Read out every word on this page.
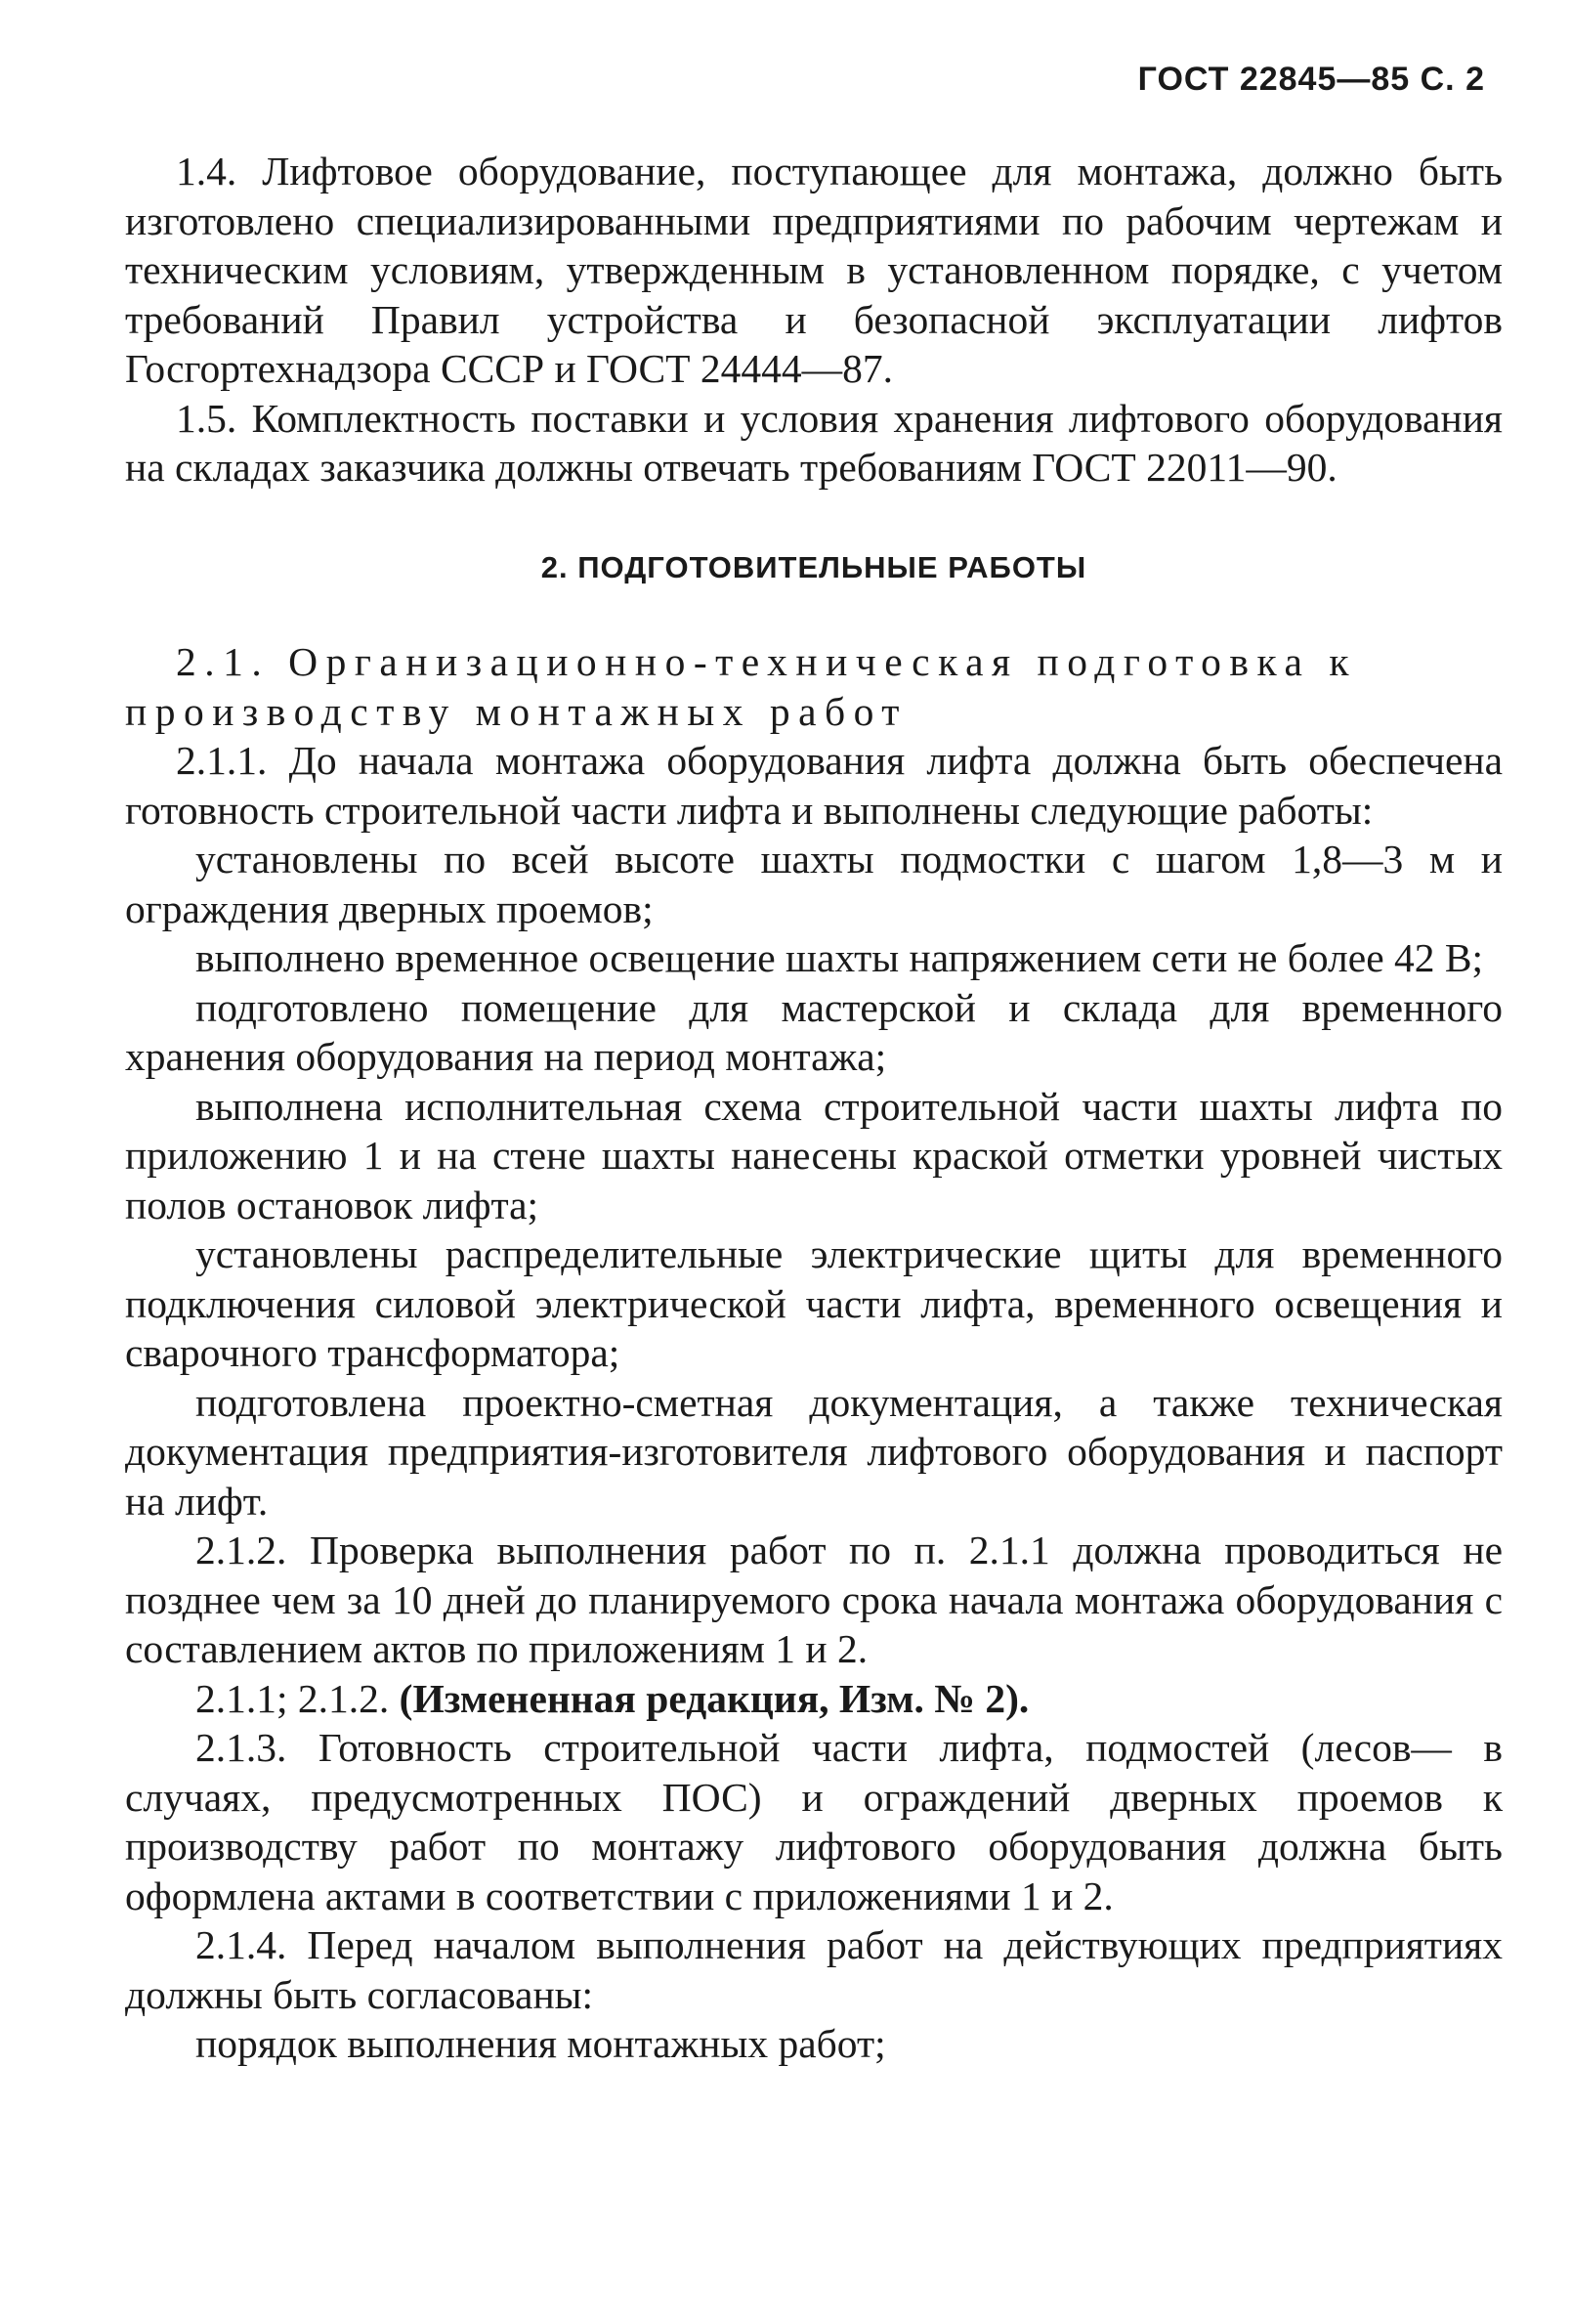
ГОСТ 22845—85 С. 2

1.4. Лифтовое оборудование, поступающее для монтажа, должно быть изготовлено специализированными предприятиями по рабочим чертежам и техническим условиям, утвержденным в установленном порядке, с учетом требований Правил устройства и безопасной эксплуатации лифтов Госгортехнадзора СССР и ГОСТ 24444—87.

1.5. Комплектность поставки и условия хранения лифтового оборудования на складах заказчика должны отвечать требованиям ГОСТ 22011—90.

2. ПОДГОТОВИТЕЛЬНЫЕ РАБОТЫ

2.1. Организационно-техническая подготовка к производству монтажных работ

2.1.1. До начала монтажа оборудования лифта должна быть обеспечена готовность строительной части лифта и выполнены следующие работы:

установлены по всей высоте шахты подмостки с шагом 1,8—3 м и ограждения дверных проемов;

выполнено временное освещение шахты напряжением сети не более 42 В;

подготовлено помещение для мастерской и склада для временного хранения оборудования на период монтажа;

выполнена исполнительная схема строительной части шахты лифта по приложению 1 и на стене шахты нанесены краской отметки уровней чистых полов остановок лифта;

установлены распределительные электрические щиты для временного подключения силовой электрической части лифта, временного освещения и сварочного трансформатора;

подготовлена проектно-сметная документация, а также техническая документация предприятия-изготовителя лифтового оборудования и паспорт на лифт.

2.1.2. Проверка выполнения работ по п. 2.1.1 должна проводиться не позднее чем за 10 дней до планируемого срока начала монтажа оборудования с составлением актов по приложениям 1 и 2.

2.1.1; 2.1.2. (Измененная редакция, Изм. № 2).

2.1.3. Готовность строительной части лифта, подмостей (лесов— в случаях, предусмотренных ПОС) и ограждений дверных проемов к производству работ по монтажу лифтового оборудования должна быть оформлена актами в соответствии с приложениями 1 и 2.

2.1.4. Перед началом выполнения работ на действующих предприятиях должны быть согласованы:

порядок выполнения монтажных работ;
